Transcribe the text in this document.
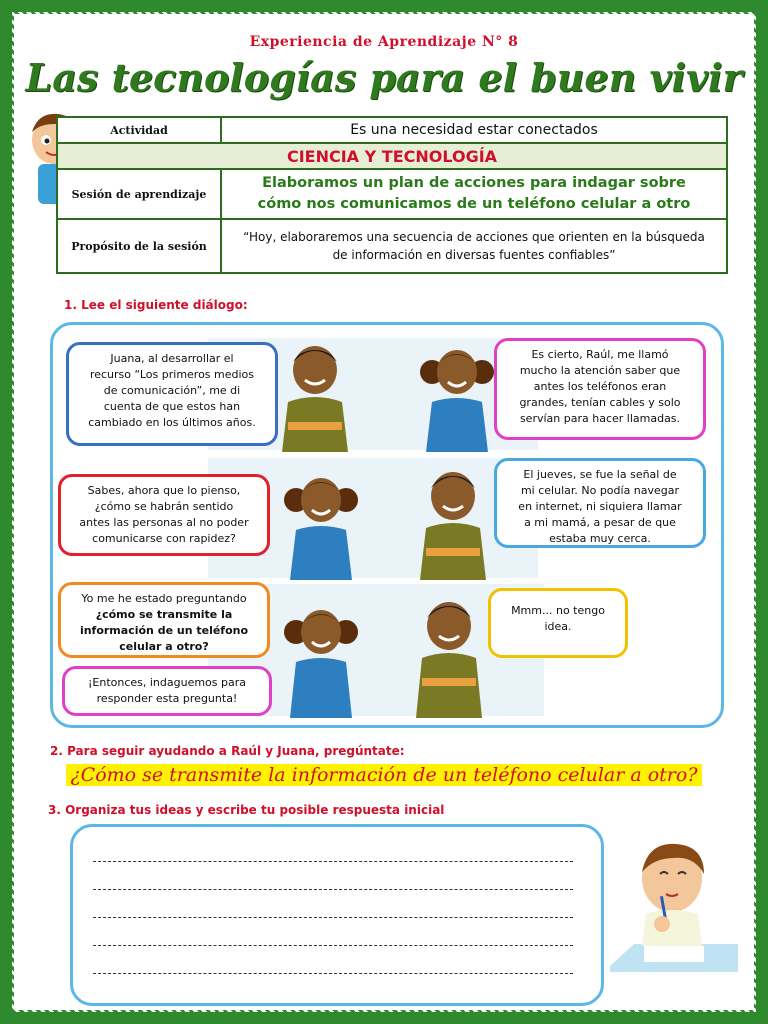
Experiencia de Aprendizaje N° 8
Las tecnologías para el buen vivir
Actividad	Es una necesidad estar conectados
CIENCIA Y TECNOLOGÍA	
Sesión de aprendizaje	Elaboramos un plan de acciones para indagar sobre
cómo nos comunicamos de un teléfono celular a otro

Propósito de la sesión	“Hoy, elaboraremos una secuencia de acciones que orienten en la búsqueda
de información en diversas fuentes confiables”
1. Lee el siguiente diálogo:
Juana, al desarrollar el
recurso “Los primeros medios
de comunicación”, me di
cuenta de que estos han
cambiado en los últimos años.
Es cierto, Raúl, me llamó
mucho la atención saber que
antes los teléfonos eran
grandes, tenían cables y solo
servían para hacer llamadas.
Sabes, ahora que lo pienso,
¿cómo se habrán sentido
antes las personas al no poder
comunicarse con rapidez?
El jueves, se fue la señal de
mi celular. No podía navegar
en internet, ni siquiera llamar
a mi mamá, a pesar de que
estaba muy cerca.
Yo me he estado preguntando
¿cómo se transmite la
información de un teléfono
celular a otro?
Mmm... no tengo
idea.
¡Entonces, indaguemos para
responder esta pregunta!
2. Para seguir ayudando a Raúl y Juana, pregúntate:
¿Cómo se transmite la información de un teléfono celular a otro?
3. Organiza tus ideas y escribe tu posible respuesta inicial
